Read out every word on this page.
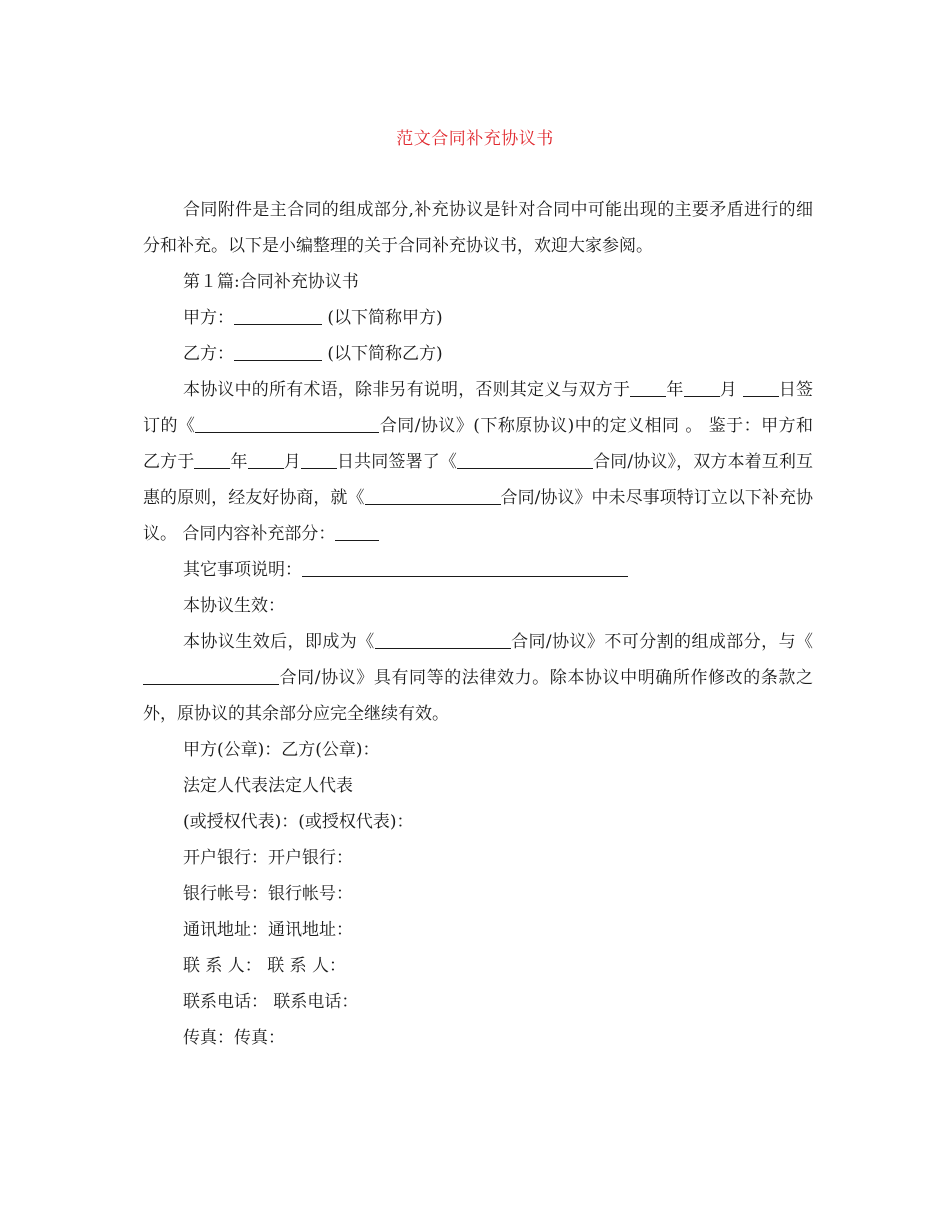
范文合同补充协议书

合同附件是主合同的组成部分,补充协议是针对合同中可能出现的主要矛盾进行的细分和补充。以下是小编整理的关于合同补充协议书，欢迎大家参阅。

第１篇:合同补充协议书

甲方：	(以下简称甲方)

乙方：	(以下简称乙方)

本协议中的所有术语，除非另有说明，否则其定义与双方于 年 月 日签订的《	合同/协议》(下称原协议)中的定义相同 。 鉴于：甲方和乙方于 年 月 日共同签署了《	合同/协议》，双方本着互利互惠的原则，经友好协商，就《	合同/协议》中未尽事项特订立以下补充协议。 合同内容补充部分：

其它事项说明：

本协议生效：

本协议生效后，即成为《	合同/协议》不可分割的组成部分，与《合同/协议》具有同等的法律效力。除本协议中明确所作修改的条款之外，原协议的其余部分应完全继续有效。

甲方(公章)：乙方(公章)：

法定人代表法定人代表

(或授权代表)：(或授权代表)：

开户银行：开户银行：

银行帐号：银行帐号：

通讯地址：通讯地址：

联 系 人： 联 系 人：

联系电话： 联系电话：

传真：传真：
